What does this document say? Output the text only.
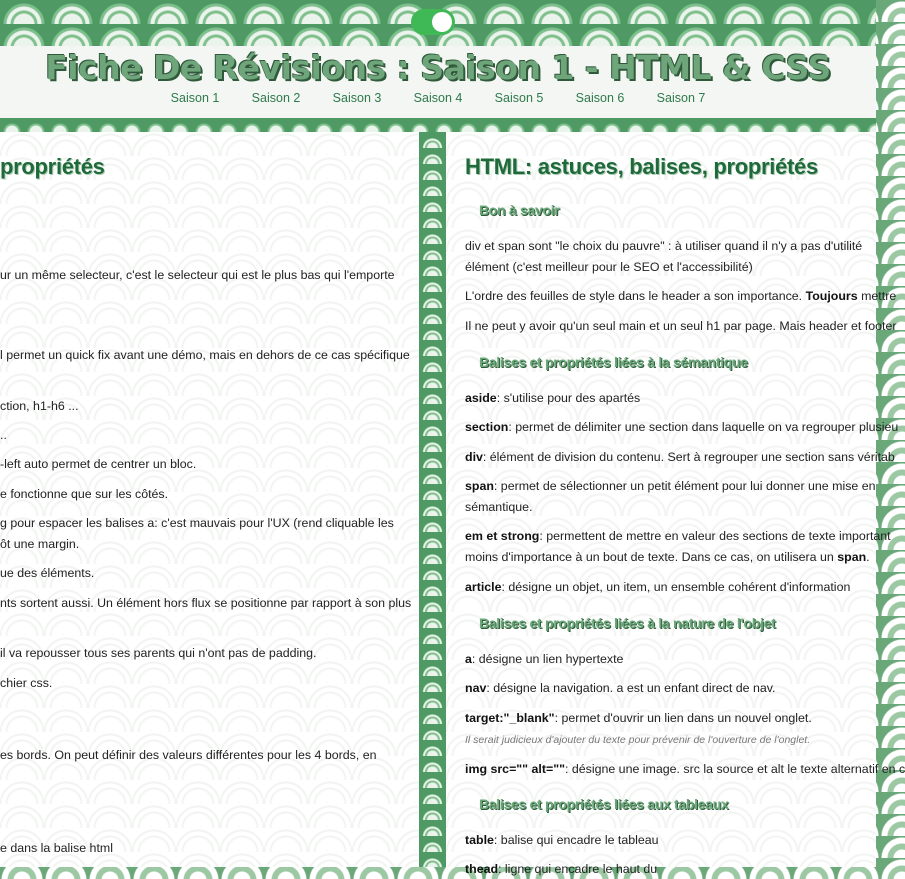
Fiche De Révisions : Saison 1 - HTML & CSS
Saison 1	Saison 2	Saison 3	Saison 4	Saison 5	Saison 6	Saison 7
propriétés
ur un même selecteur, c'est le selecteur qui est le plus bas qui l'emporte
l permet un quick fix avant une démo, mais en dehors de ce cas spécifique
ction, h1-h6 ...
..
-left auto permet de centrer un bloc.
e fonctionne que sur les côtés.
g pour espacer les balises a: c'est mauvais pour l'UX (rend cliquable les
ôt une margin.
ue des éléments.
nts sortent aussi. Un élément hors flux se positionne par rapport à son plus
il va repousser tous ses parents qui n'ont pas de padding.
chier css.
es bords. On peut définir des valeurs différentes pour les 4 bords, en
e dans la balise html
HTML: astuces, balises, propriétés
Bon à savoir
div et span sont "le choix du pauvre" : à utiliser quand il n'y a pas d'utilité
élément (c'est meilleur pour le SEO et l'accessibilité)
L'ordre des feuilles de style dans le header a son importance. Toujours mettre
Il ne peut y avoir qu'un seul main et un seul h1 par page. Mais header et footer
Balises et propriétés liées à la sémantique
aside: s'utilise pour des apartés
section: permet de délimiter une section dans laquelle on va regrouper plusieu
div: élément de division du contenu. Sert à regrouper une section sans véritab
span: permet de sélectionner un petit élément pour lui donner une mise en
sémantique.
em et strong: permettent de mettre en valeur des sections de texte important
moins d'importance à un bout de texte. Dans ce cas, on utilisera un span.
article: désigne un objet, un item, un ensemble cohérent d'information
Balises et propriétés liées à la nature de l'objet
a: désigne un lien hypertexte
nav: désigne la navigation. a est un enfant direct de nav.
target:"_blank": permet d'ouvrir un lien dans un nouvel onglet.
Il serait judicieux d'ajouter du texte pour prévenir de l'ouverture de l'onglet.
img src="" alt="": désigne une image. src la source et alt le texte alternatif en c
Balises et propriétés liées aux tableaux
table: balise qui encadre le tableau
thead: ligne qui encadre le haut du
